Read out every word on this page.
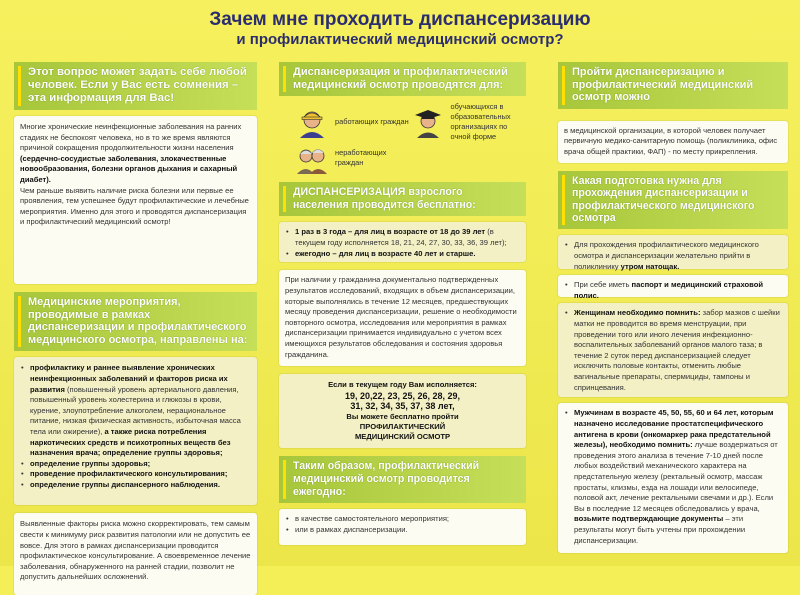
Зачем мне проходить диспансеризацию
и профилактический медицинский осмотр?
Этот вопрос может задать себе любой человек. Если у Вас есть сомнения – эта информация для Вас!

Многие хронические неинфекционные заболевания на ранних стадиях не беспокоят человека, но в то же время являются причиной сокращения продолжительности жизни населения (сердечно-сосудистые заболевания, злокачественные новообразования, болезни органов дыхания и сахарный диабет).

Чем раньше выявить наличие риска болезни или первые ее проявления, тем успешнее будут профилактические и лечебные мероприятия. Именно для этого и проводятся диспансеризация и профилактический медицинский осмотр!

Медицинские мероприятия, проводимые в рамках диспансеризации и профилактического медицинского осмотра, направлены на:
• профилактику и раннее выявление хронических неинфекционных заболеваний и факторов риска их развития (повышенный уровень артериального давления, повышенный уровень холестерина и глюкозы в крови, курение, злоупотребление алкоголем, нерациональное питание, низкая физическая активность, избыточная масса тела или ожирение), а также риска потребления наркотических средств и психотропных веществ без назначения врача; определение группы здоровья;
• определение группы здоровья;
• проведение профилактического консультирования;
• определение группы диспансерного наблюдения.

Выявленные факторы риска можно скорректировать, тем самым свести к минимуму риск развития патологии или не допустить ее вовсе. Для этого в рамках диспансеризации проводится профилактическое консультирование. А своевременное лечение заболевания, обнаруженного на ранней стадии, позволит не допустить дальнейших осложнений.

Диспансеризация и профилактический медицинский осмотр проводятся для:
работающих граждан
обучающихся в образовательных организациях по очной форме
неработающих граждан
ДИСПАНСЕРИЗАЦИЯ взрослого населения проводится бесплатно:
• 1 раз в 3 года – для лиц в возрасте от 18 до 39 лет (в текущем году исполняется 18, 21, 24, 27, 30, 33, 36, 39 лет);
• ежегодно – для лиц в возрасте 40 лет и старше.

При наличии у гражданина документально подтвержденных результатов исследований, входящих в объем диспансеризации, которые выполнялись в течение 12 месяцев, предшествующих месяцу проведения диспансеризации, решение о необходимости повторного осмотра, исследования или мероприятия в рамках диспансеризации принимается индивидуально с учетом всех имеющихся результатов обследования и состояния здоровья гражданина.

Если в текущем году Вам исполняется:
19, 20,22, 23, 25, 26, 28, 29,
31, 32, 34, 35, 37, 38 лет,
Вы можете бесплатно пройти
ПРОФИЛАКТИЧЕСКИЙ
МЕДИЦИНСКИЙ ОСМОТР
Таким образом, профилактический медицинский осмотр проводится ежегодно:
• в качестве самостоятельного мероприятия;
• или в рамках диспансеризации.
Пройти диспансеризацию и профилактический медицинский осмотр можно

в медицинской организации, в которой человек получает первичную медико-санитарную помощь (поликлиника, офис врача общей практики, ФАП) - по месту прикрепления.

Какая подготовка нужна для прохождения диспансеризации и профилактического медицинского осмотра
• Для прохождения профилактического медицинского осмотра и диспансеризации желательно прийти в поликлинику утром натощак.
• При себе иметь паспорт и медицинский страховой полис.
• Женщинам необходимо помнить: забор мазков с шейки матки не проводится во время менструации, при проведении того или иного лечения инфекционно-воспалительных заболеваний органов малого таза; в течение 2 суток перед диспансеризацией следует исключить половые контакты, отменить любые вагинальные препараты, спермициды, тампоны и спринцевания.
• Мужчинам в возрасте 45, 50, 55, 60 и 64 лет, которым назначено исследование простатспецифического антигена в крови (онкомаркер рака предстательной железы), необходимо помнить: лучше воздержаться от проведения этого анализа в течение 7-10 дней после любых воздействий механического характера на предстательную железу (ректальный осмотр, массаж простаты, клизмы, езда на лошади или велосипеде, половой акт, лечение ректальными свечами и др.). Если Вы в последние 12 месяцев обследовались у врача, возьмите подтверждающие документы – эти результаты могут быть учтены при прохождении диспансеризации.
